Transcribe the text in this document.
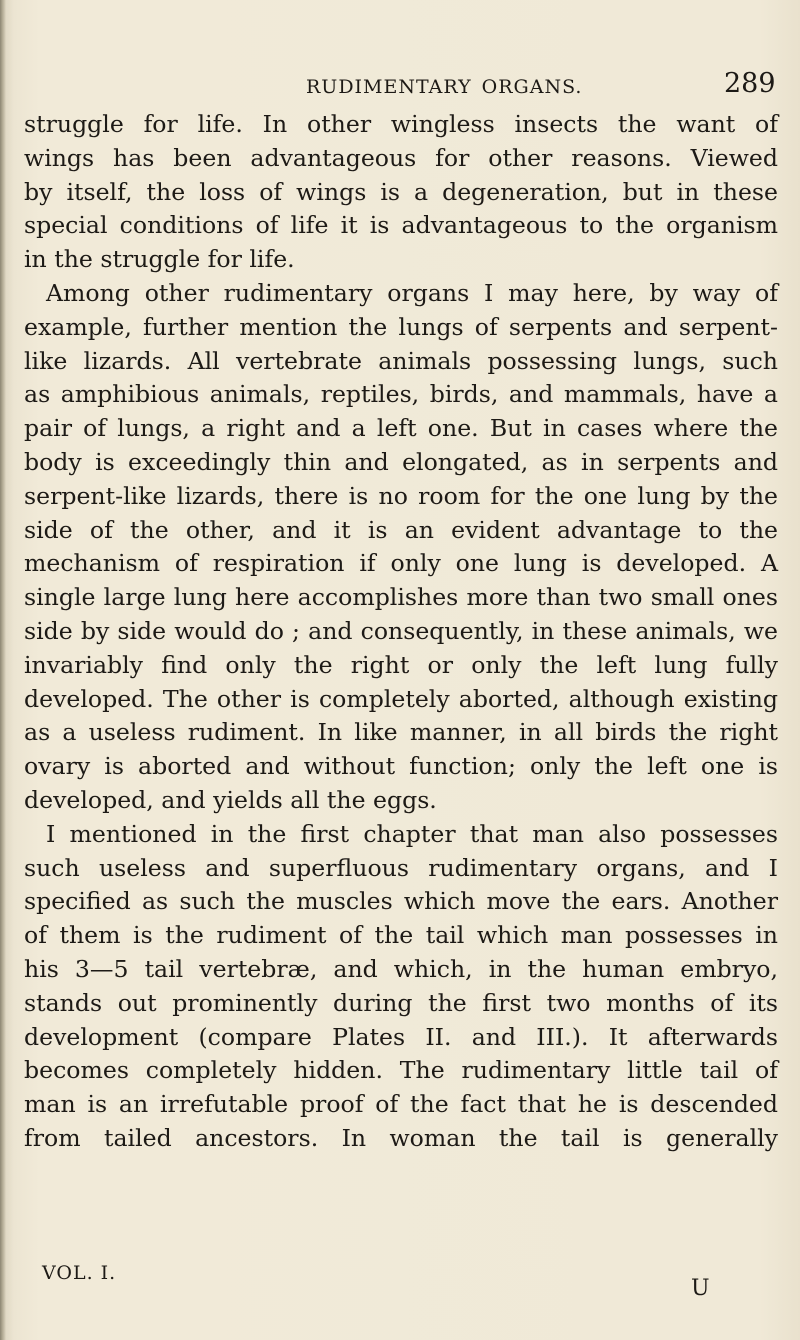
RUDIMENTARY ORGANS.	289
struggle for life. In other wingless insects the want of
wings has been advantageous for other reasons. Viewed
by itself, the loss of wings is a degeneration, but in these
special conditions of life it is advantageous to the organism
in the struggle for life.
Among other rudimentary organs I may here, by way of
example, further mention the lungs of serpents and serpent-
like lizards. All vertebrate animals possessing lungs, such
as amphibious animals, reptiles, birds, and mammals, have a
pair of lungs, a right and a left one. But in cases where the
body is exceedingly thin and elongated, as in serpents and
serpent-like lizards, there is no room for the one lung by the
side of the other, and it is an evident advantage to the
mechanism of respiration if only one lung is developed. A
single large lung here accomplishes more than two small ones
side by side would do ; and consequently, in these animals, we
invariably find only the right or only the left lung fully
developed. The other is completely aborted, although existing
as a useless rudiment. In like manner, in all birds the right
ovary is aborted and without function; only the left one is
developed, and yields all the eggs.
I mentioned in the first chapter that man also possesses
such useless and superfluous rudimentary organs, and I
specified as such the muscles which move the ears. Another
of them is the rudiment of the tail which man possesses in
his 3—5 tail vertebræ, and which, in the human embryo,
stands out prominently during the first two months of its
development (compare Plates II. and III.). It afterwards
becomes completely hidden. The rudimentary little tail of
man is an irrefutable proof of the fact that he is descended
from tailed ancestors. In woman the tail is generally
VOL. I.
U
